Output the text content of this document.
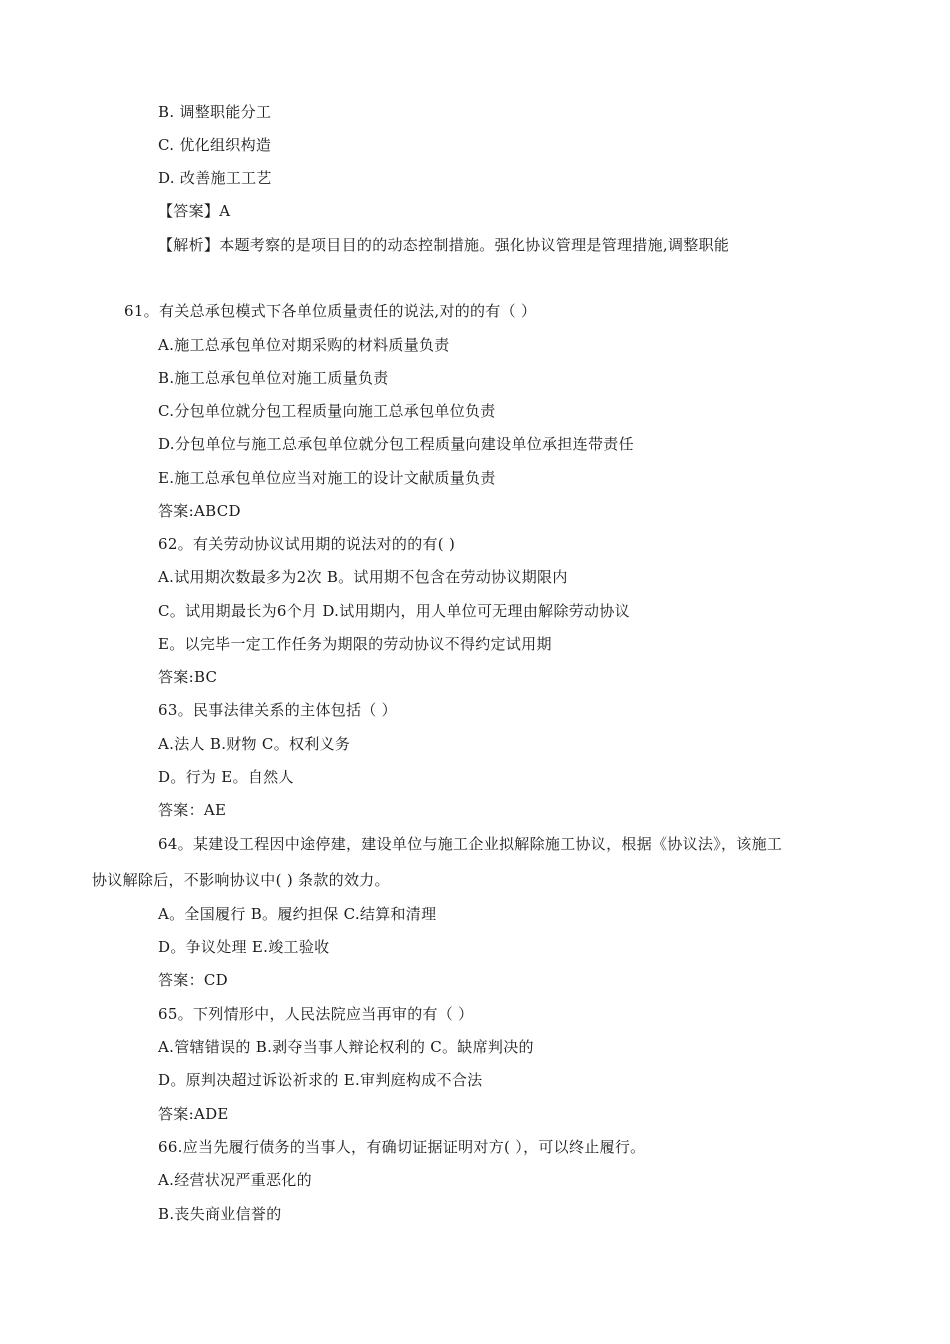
B. 调整职能分工
C. 优化组织构造
D. 改善施工工艺
【答案】A
【解析】本题考察的是项目目的的动态控制措施。强化协议管理是管理措施,调整职能
61。有关总承包模式下各单位质量责任的说法,对的的有（ ）
A.施工总承包单位对期采购的材料质量负责
B.施工总承包单位对施工质量负责
C.分包单位就分包工程质量向施工总承包单位负责
D.分包单位与施工总承包单位就分包工程质量向建设单位承担连带责任
E.施工总承包单位应当对施工的设计文献质量负责
答案:ABCD
62。有关劳动协议试用期的说法对的的有( )
A.试用期次数最多为2次 B。试用期不包含在劳动协议期限内
C。试用期最长为6个月 D.试用期内，用人单位可无理由解除劳动协议
E。以完毕一定工作任务为期限的劳动协议不得约定试用期
答案:BC
63。民事法律关系的主体包括（ ）
A.法人 B.财物 C。权利义务
D。行为 E。自然人
答案：AE
64。某建设工程因中途停建，建设单位与施工企业拟解除施工协议，根据《协议法》，该施工
协议解除后，不影响协议中( ) 条款的效力。
A。全国履行 B。履约担保 C.结算和清理
D。争议处理 E.竣工验收
答案：CD
65。下列情形中，人民法院应当再审的有（ ）
A.管辖错误的 B.剥夺当事人辩论权利的 C。缺席判决的
D。原判决超过诉讼祈求的 E.审判庭构成不合法
答案:ADE
66.应当先履行债务的当事人，有确切证据证明对方( ），可以终止履行。
A.经营状况严重恶化的
B.丧失商业信誉的
